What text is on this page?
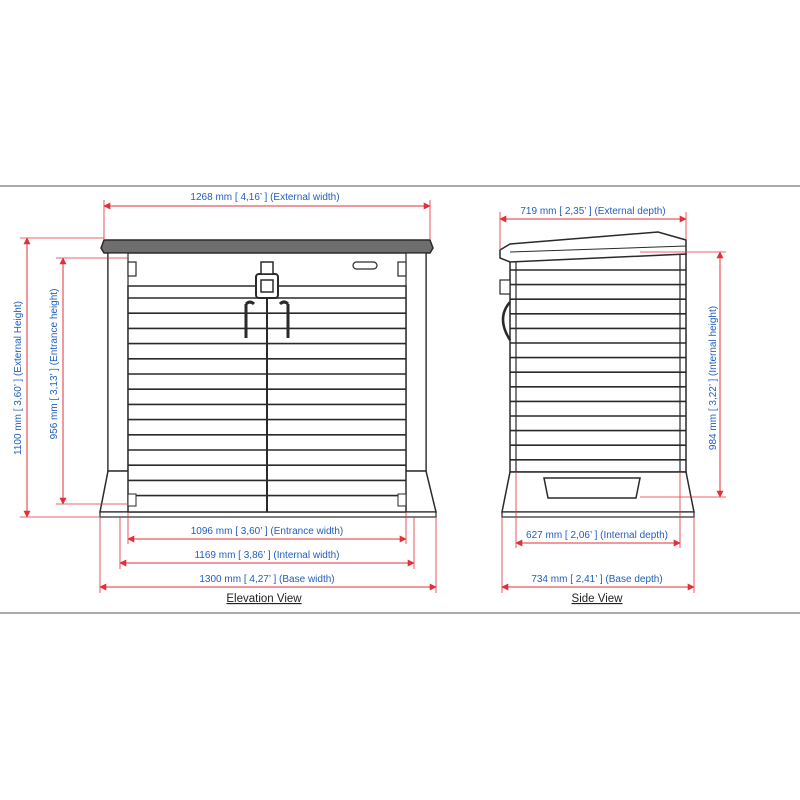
1268 mm [ 4,16’ ] (External width)
1100 mm [ 3,60’ ] (External Height)	956 mm [ 3,13’ ] (Entrance height)
1096 mm [ 3,60’ ] (Entrance width)
1169 mm [ 3,86’ ] (Internal width)
1300 mm [ 4,27’ ] (Base width)
Elevation View
719 mm [ 2,35’ ] (External depth)
984 mm [ 3,22’ ] (Internal height)
627 mm [ 2,06’ ] (Internal depth)
734 mm [ 2,41’ ] (Base depth)
Side View
